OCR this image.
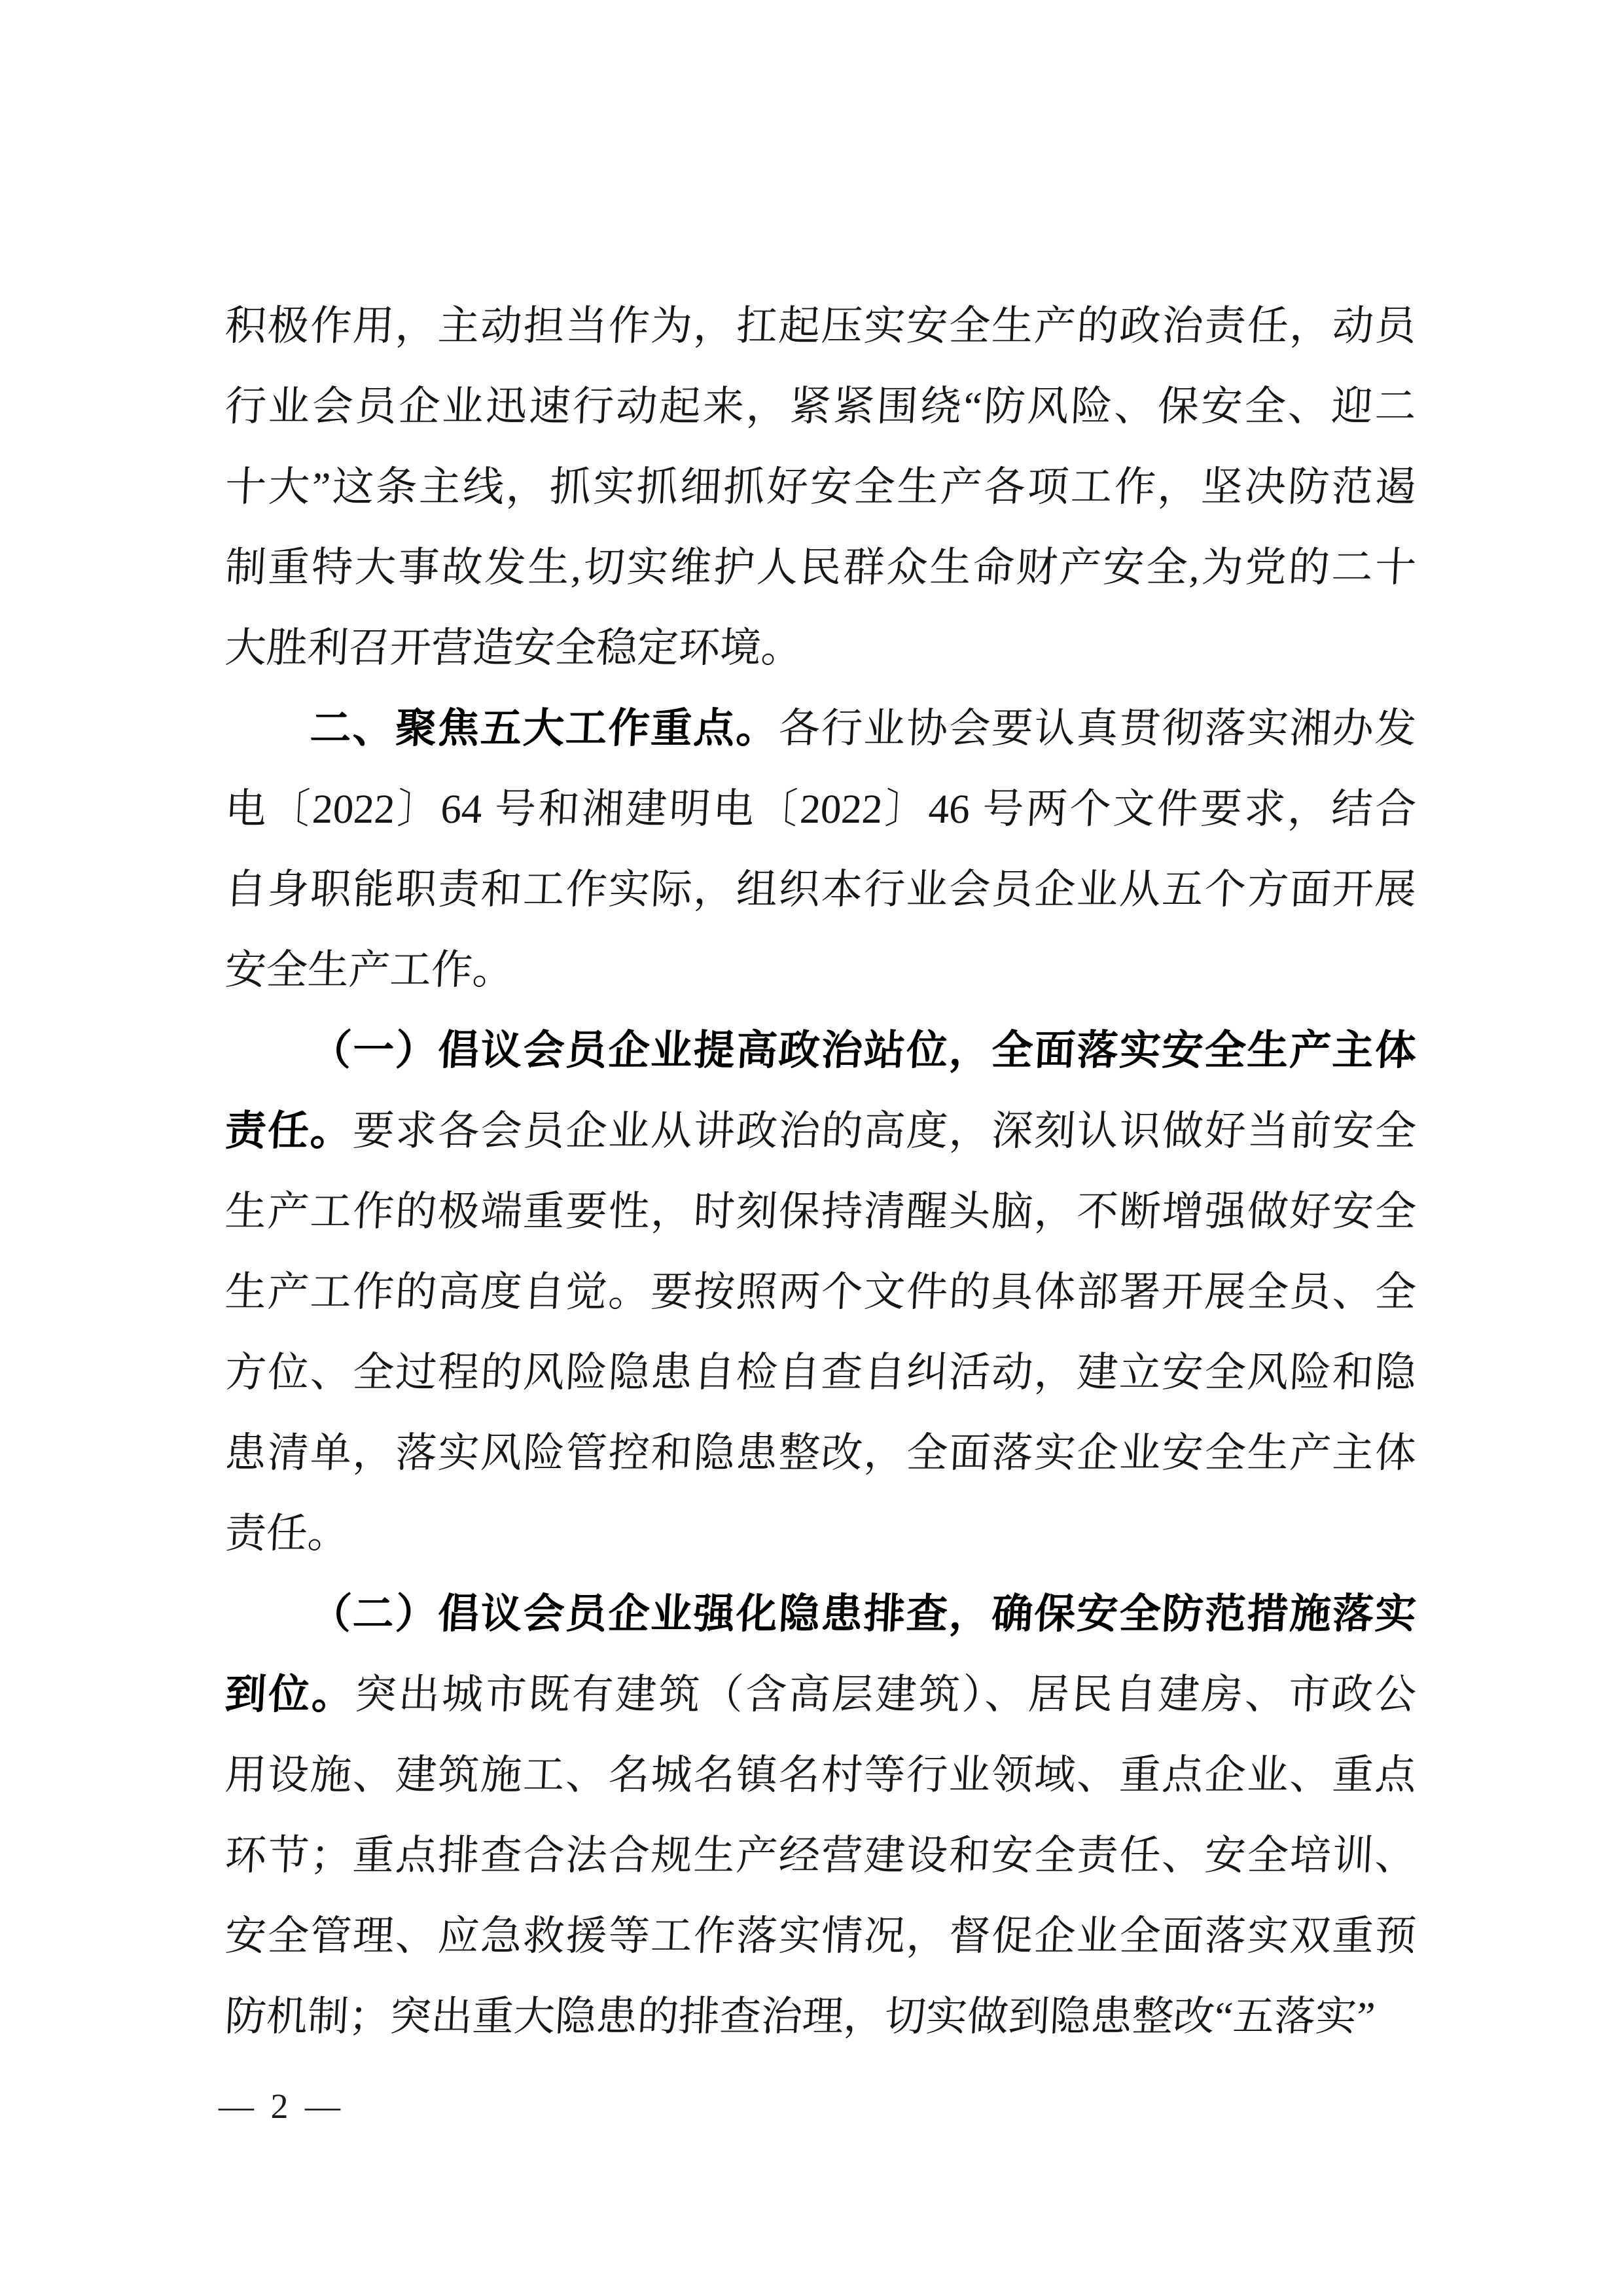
积极作用，主动担当作为，扛起压实安全生产的政治责任，动员
行业会员企业迅速行动起来，紧紧围绕“防风险、保安全、迎二
十大”这条主线，抓实抓细抓好安全生产各项工作，坚决防范遏
制重特大事故发生,切实维护人民群众生命财产安全,为党的二十
大胜利召开营造安全稳定环境。
二、聚焦五大工作重点。各行业协会要认真贯彻落实湘办发
电〔2022〕64 号和湘建明电〔2022〕46 号两个文件要求，结合
自身职能职责和工作实际，组织本行业会员企业从五个方面开展
安全生产工作。
（一）倡议会员企业提高政治站位，全面落实安全生产主体
责任。要求各会员企业从讲政治的高度，深刻认识做好当前安全
生产工作的极端重要性，时刻保持清醒头脑，不断增强做好安全
生产工作的高度自觉。要按照两个文件的具体部署开展全员、全
方位、全过程的风险隐患自检自查自纠活动，建立安全风险和隐
患清单，落实风险管控和隐患整改，全面落实企业安全生产主体
责任。
（二）倡议会员企业强化隐患排查，确保安全防范措施落实
到位。突出城市既有建筑（含高层建筑）、居民自建房、市政公
用设施、建筑施工、名城名镇名村等行业领域、重点企业、重点
环节；重点排查合法合规生产经营建设和安全责任、安全培训、
安全管理、应急救援等工作落实情况，督促企业全面落实双重预
防机制；突出重大隐患的排查治理，切实做到隐患整改“五落实”
— 2 —
